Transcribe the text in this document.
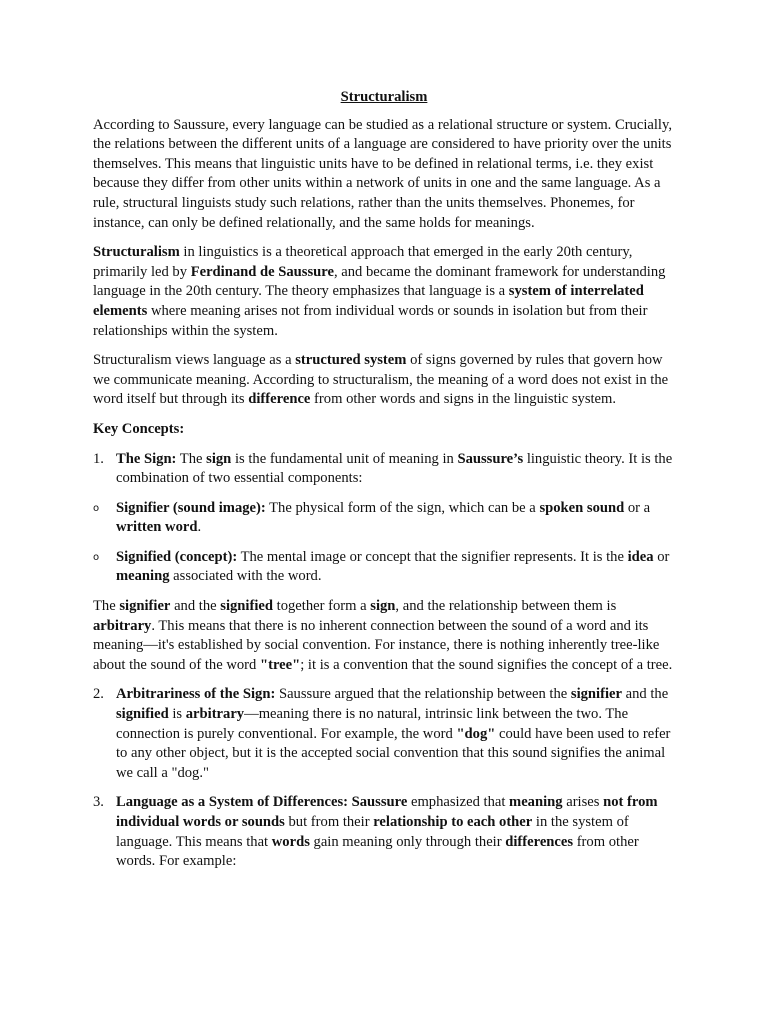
Structuralism

According to Saussure, every language can be studied as a relational structure or system. Crucially, the relations between the different units of a language are considered to have priority over the units themselves. This means that linguistic units have to be defined in relational terms, i.e. they exist because they differ from other units within a network of units in one and the same language. As a rule, structural linguists study such relations, rather than the units themselves. Phonemes, for instance, can only be defined relationally, and the same holds for meanings.

Structuralism in linguistics is a theoretical approach that emerged in the early 20th century, primarily led by Ferdinand de Saussure, and became the dominant framework for understanding language in the 20th century. The theory emphasizes that language is a system of interrelated elements where meaning arises not from individual words or sounds in isolation but from their relationships within the system.

Structuralism views language as a structured system of signs governed by rules that govern how we communicate meaning. According to structuralism, the meaning of a word does not exist in the word itself but through its difference from other words and signs in the linguistic system.

Key Concepts:
1. The Sign: The sign is the fundamental unit of meaning in Saussure’s linguistic theory. It is the combination of two essential components:
o Signifier (sound image): The physical form of the sign, which can be a spoken sound or a written word.
o Signified (concept): The mental image or concept that the signifier represents. It is the idea or meaning associated with the word.

The signifier and the signified together form a sign, and the relationship between them is arbitrary. This means that there is no inherent connection between the sound of a word and its meaning—it's established by social convention. For instance, there is nothing inherently tree-like about the sound of the word "tree"; it is a convention that the sound signifies the concept of a tree.

2. Arbitrariness of the Sign: Saussure argued that the relationship between the signifier and the signified is arbitrary—meaning there is no natural, intrinsic link between the two. The connection is purely conventional. For example, the word "dog" could have been used to refer to any other object, but it is the accepted social convention that this sound signifies the animal we call a "dog."
3. Language as a System of Differences: Saussure emphasized that meaning arises not from individual words or sounds but from their relationship to each other in the system of language. This means that words gain meaning only through their differences from other words. For example:
